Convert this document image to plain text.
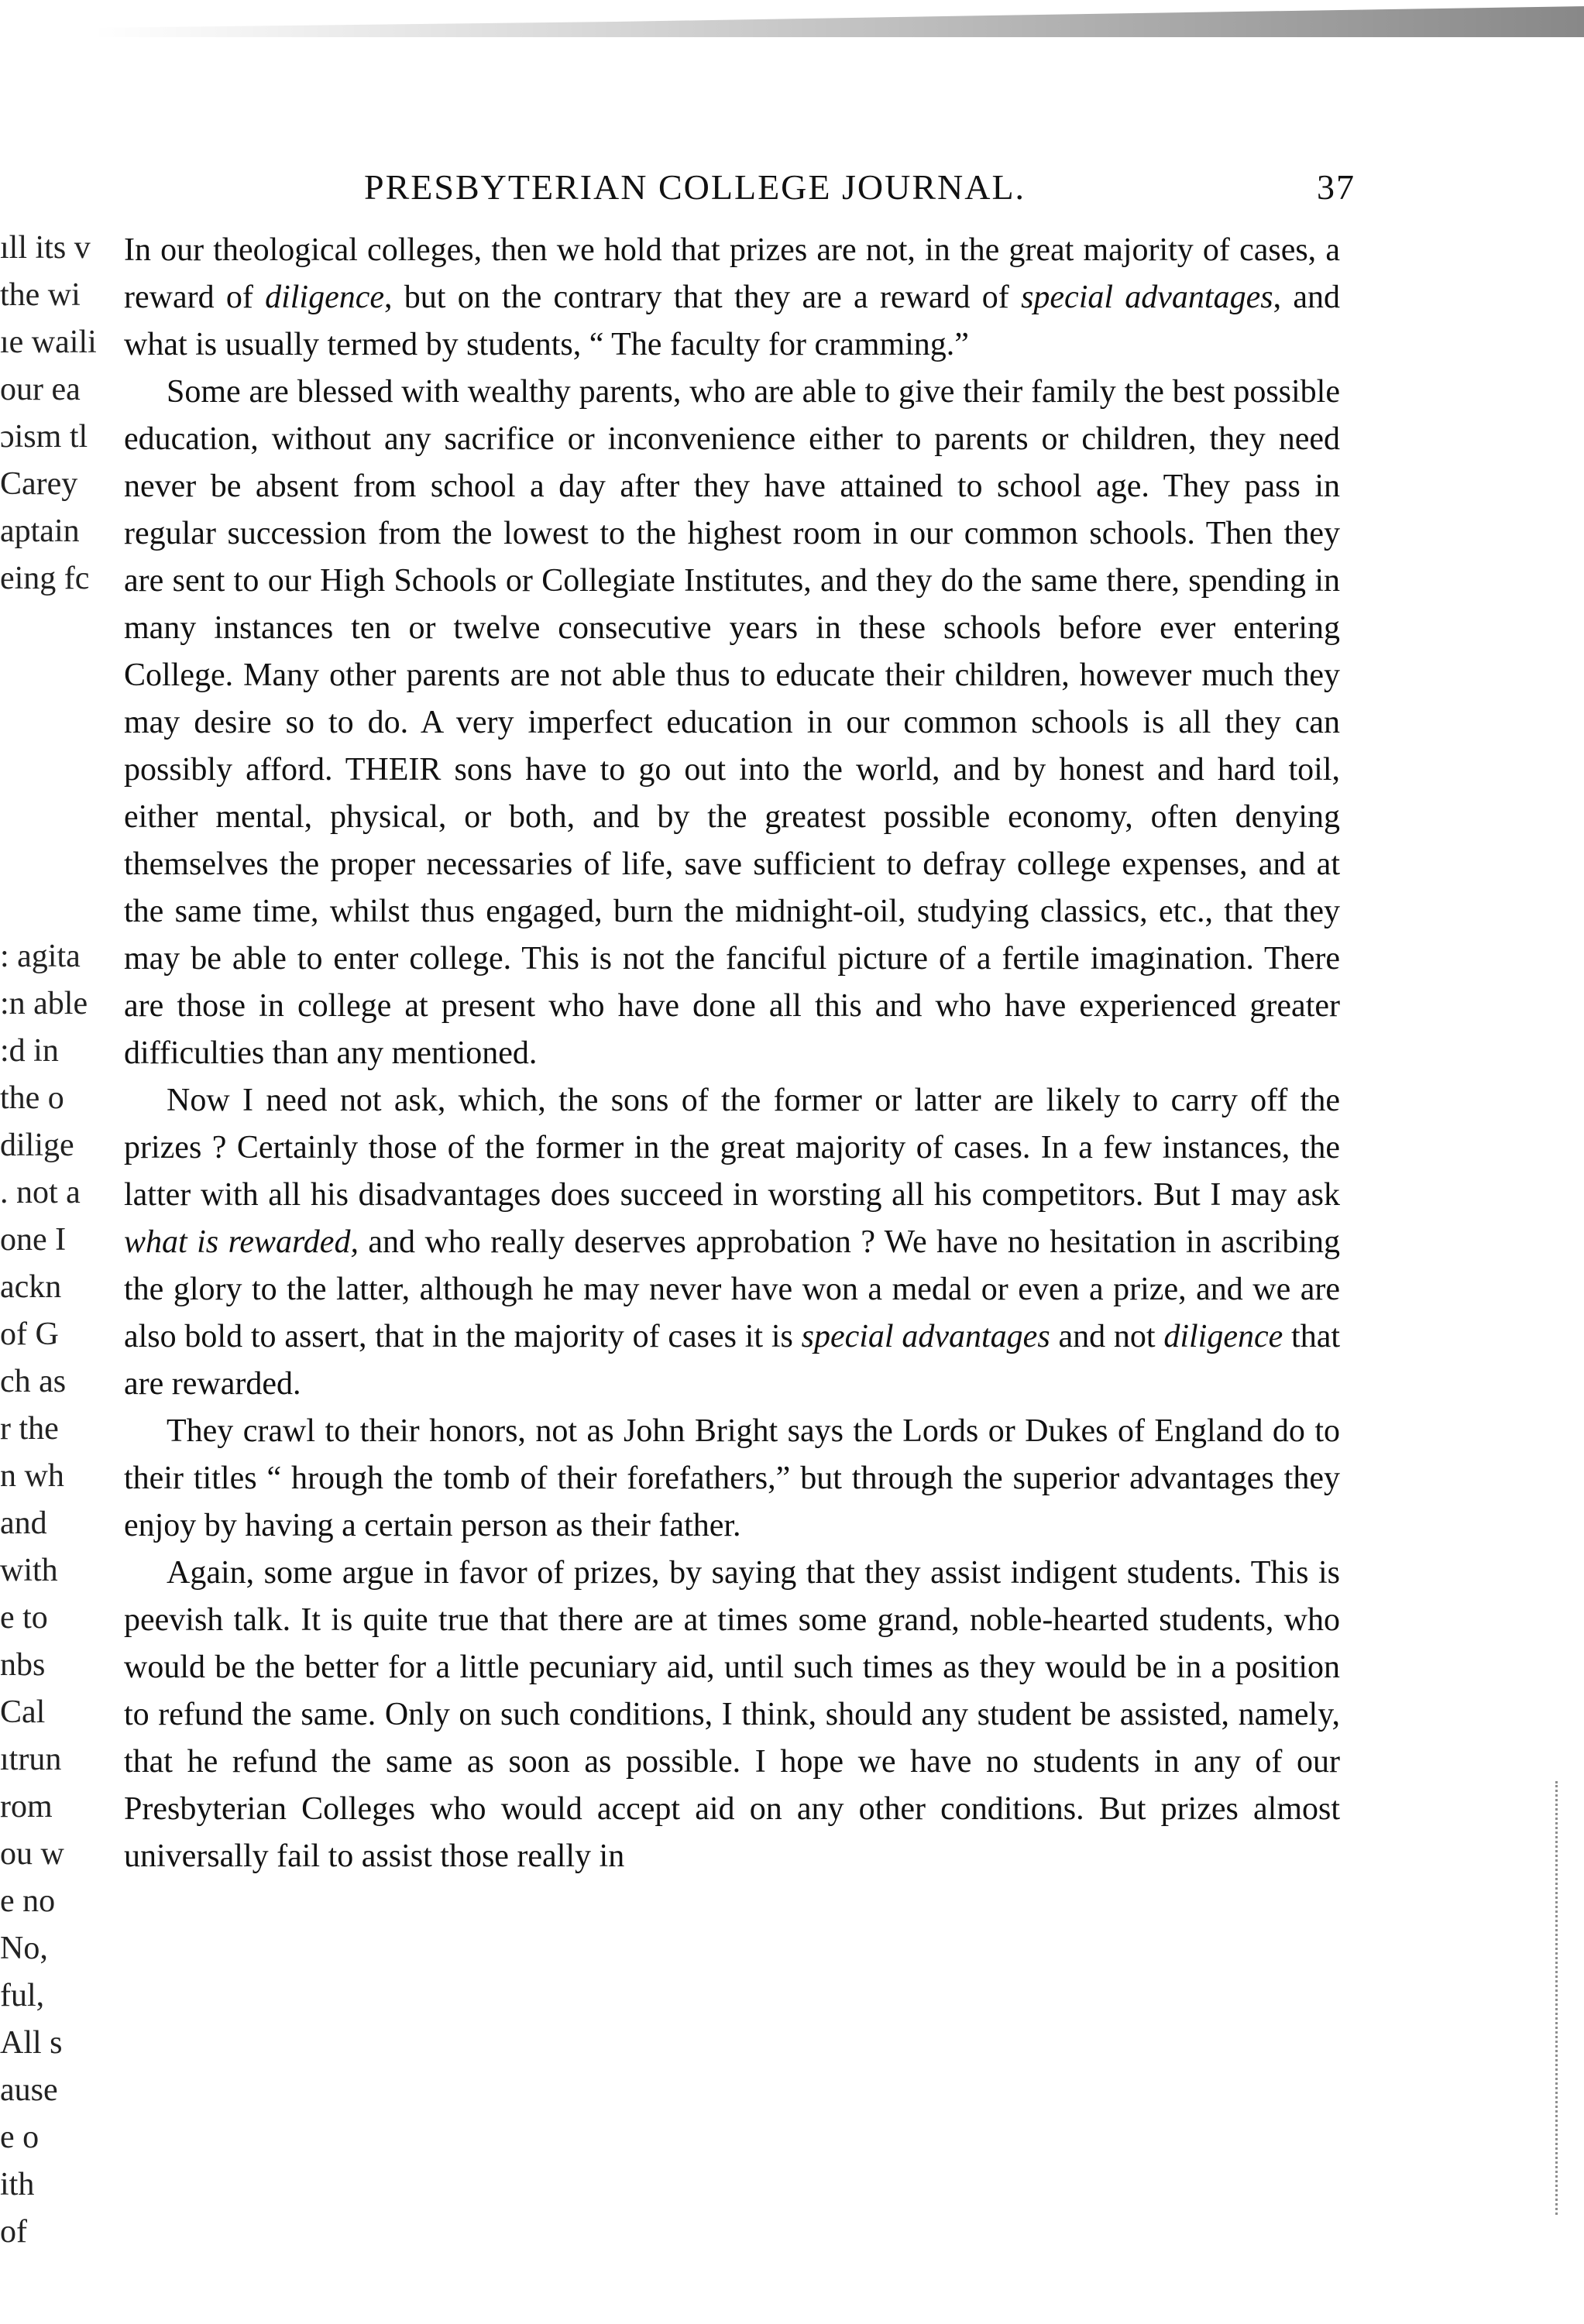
PRESBYTERIAN COLLEGE JOURNAL.	37
ıll its v
the wi
ıe waili
our ea
ɔism tl
Carey
aptain
eing fc
: agita
:n able
:d in
the o
dilige
. not a
one I
ackn
of G
ch as
r the
n wh
and
with
e to
nbs
Cal
ıtrun
rom
ou w
e no
No,
ful,
All s
ause
e o
ith
of

In our theological colleges, then we hold that prizes are not, in the great majority of cases, a reward of diligence, but on the contrary that they are a reward of special advantages, and what is usually termed by students, “ The faculty for cramming.”

Some are blessed with wealthy parents, who are able to give their family the best possible education, without any sacrifice or inconvenience either to parents or children, they need never be absent from school a day after they have attained to school age. They pass in regular succession from the lowest to the highest room in our common schools. Then they are sent to our High Schools or Collegiate Institutes, and they do the same there, spending in many instances ten or twelve consecutive years in these schools before ever entering College. Many other parents are not able thus to educate their children, however much they may desire so to do. A very imperfect education in our common schools is all they can possibly afford. THEIR sons have to go out into the world, and by honest and hard toil, either mental, physical, or both, and by the greatest possible economy, often denying themselves the proper necessaries of life, save sufficient to defray college expenses, and at the same time, whilst thus engaged, burn the midnight-oil, studying classics, etc., that they may be able to enter college. This is not the fanciful picture of a fertile imagination. There are those in college at present who have done all this and who have experienced greater difficulties than any mentioned.

Now I need not ask, which, the sons of the former or latter are likely to carry off the prizes ? Certainly those of the former in the great majority of cases. In a few instances, the latter with all his disadvantages does succeed in worsting all his competitors. But I may ask what is rewarded, and who really deserves approbation ? We have no hesitation in ascribing the glory to the latter, although he may never have won a medal or even a prize, and we are also bold to assert, that in the majority of cases it is special advantages and not diligence that are rewarded.

They crawl to their honors, not as John Bright says the Lords or Dukes of England do to their titles “ hrough the tomb of their forefathers,” but through the superior advantages they enjoy by having a certain person as their father.

Again, some argue in favor of prizes, by saying that they assist indigent students. This is peevish talk. It is quite true that there are at times some grand, noble-hearted students, who would be the better for a little pecuniary aid, until such times as they would be in a position to refund the same. Only on such conditions, I think, should any student be assisted, namely, that he refund the same as soon as possible. I hope we have no students in any of our Presbyterian Colleges who would accept aid on any other conditions. But prizes almost universally fail to assist those really in
